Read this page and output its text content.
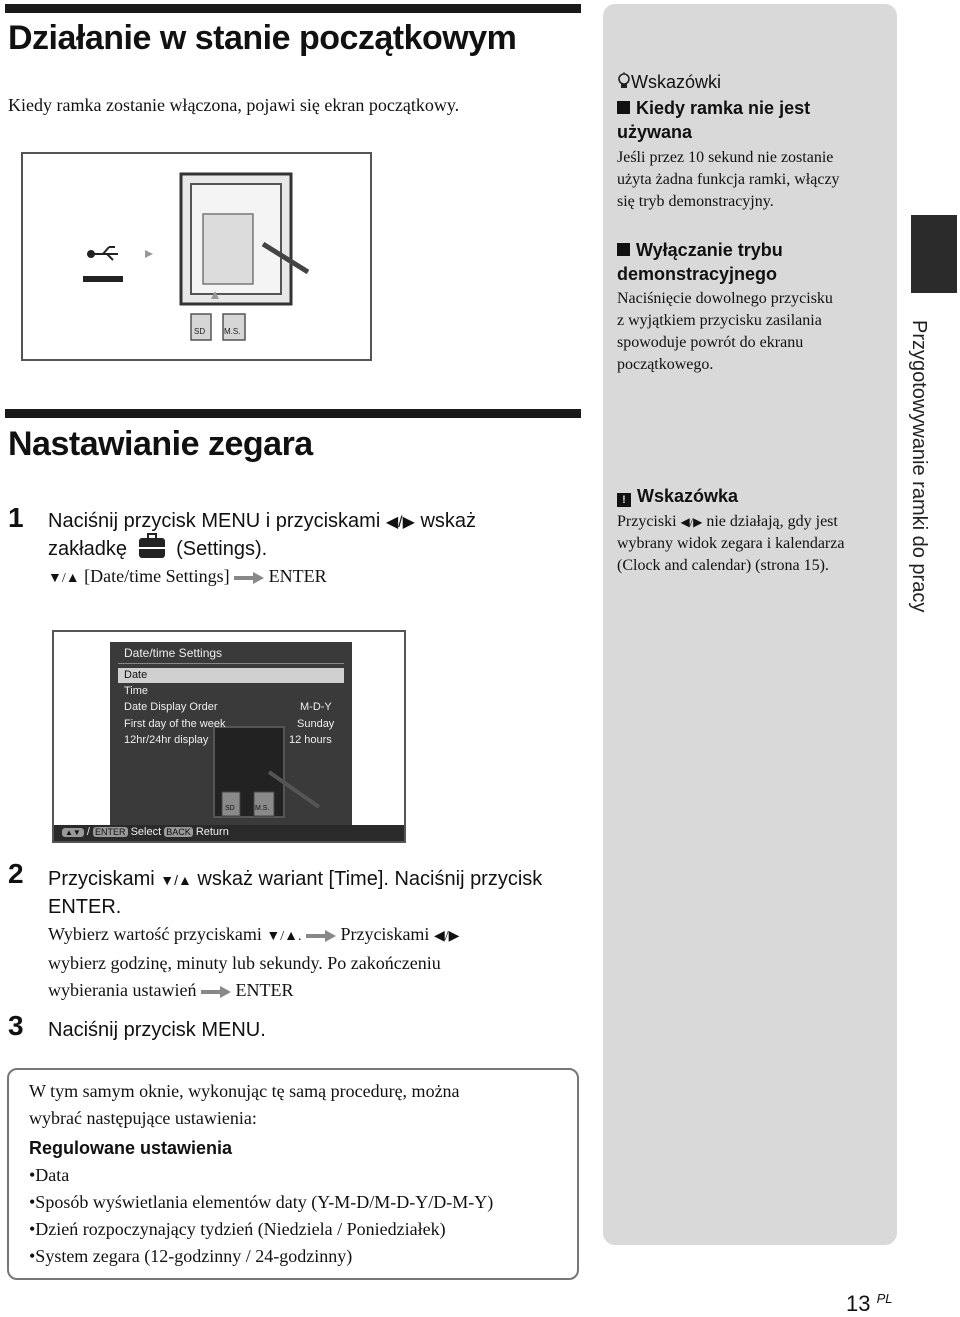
Działanie w stanie początkowym
Kiedy ramka zostanie włączona, pojawi się ekran początkowy.
SD M.S.
Nastawianie zegara
1 Naciśnij przycisk MENU i przyciskami ◀/▶ wskaż
zakładkę (Settings).
▼/▲ [Date/time Settings] ENTER
SD	M.S.
Date/time Settings
Date
Time
Date Display Order	M-D-Y
First day of the week	Sunday
12hr/24hr display	12 hours
▲▼ / ENTER Select BACK Return
2 Przyciskami ▼/▲ wskaż wariant [Time]. Naciśnij przycisk
ENTER.
Wybierz wartość przyciskami ▼/▲. Przyciskami ◀/▶
wybierz godzinę, minuty lub sekundy. Po zakończeniu
wybierania ustawień ENTER
3 Naciśnij przycisk MENU.

W tym samym oknie, wykonując tę samą procedurę, można

wybrać następujące ustawienia:

Regulowane ustawienia

•Data

•Sposób wyświetlania elementów daty (Y-M-D/M-D-Y/D-M-Y)

•Dzień rozpoczynający tydzień (Niedziela / Poniedziałek)

•System zegara (12-godzinny / 24-godzinny)

Wskazówki
Kiedy ramka nie jest
używana
Jeśli przez 10 sekund nie zostanie
użyta żadna funkcja ramki, włączy
się tryb demonstracyjny.
Wyłączanie trybu
demonstracyjnego
Naciśnięcie dowolnego przycisku
z wyjątkiem przycisku zasilania
spowoduje powrót do ekranu
początkowego.
! Wskazówka
Przyciski ◀/▶ nie działają, gdy jest
wybrany widok zegara i kalendarza
(Clock and calendar) (strona 15).	Przygotowywanie ramki do pracy
13 $^{PL}$
